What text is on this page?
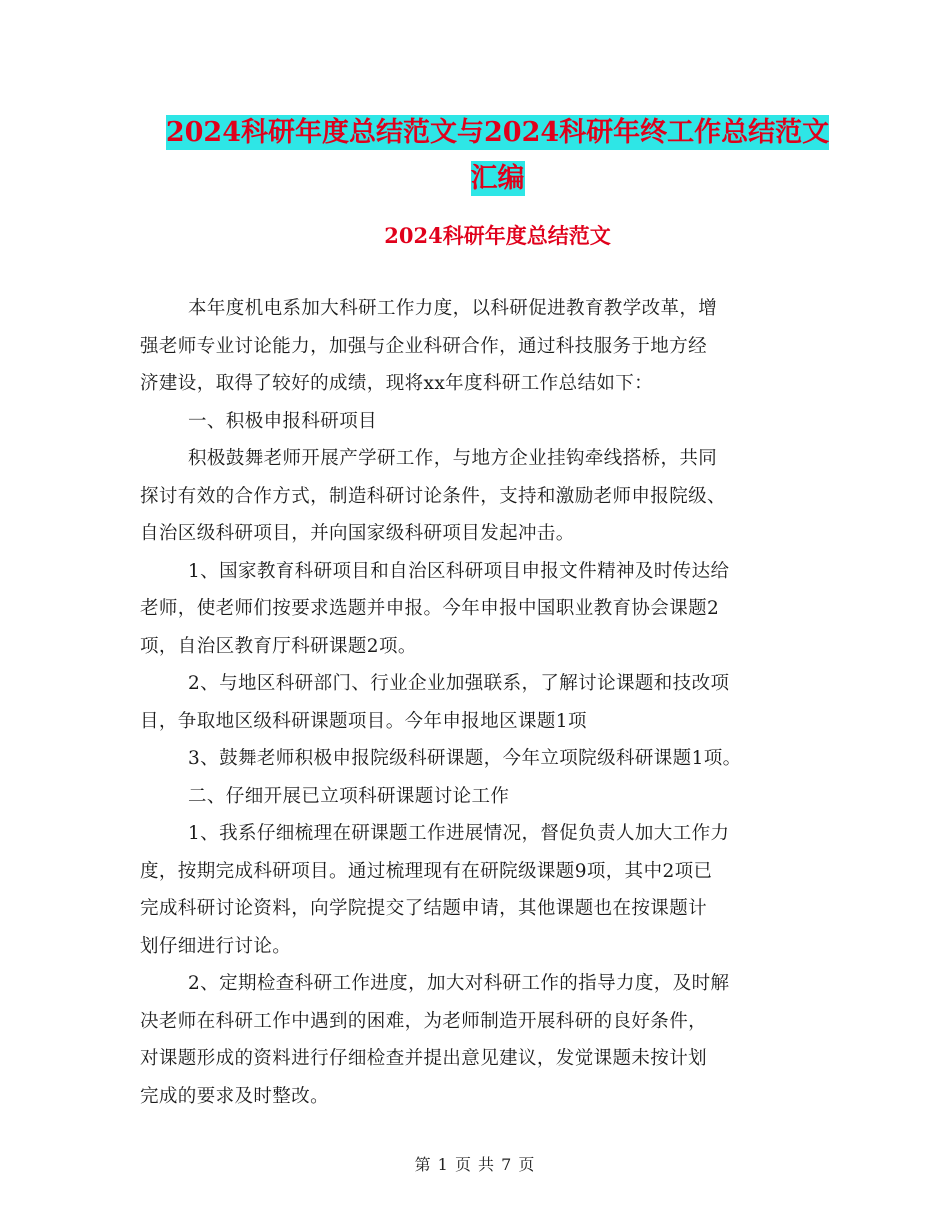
2024科研年度总结范文与2024科研年终工作总结范文
汇编
2024科研年度总结范文
本年度机电系加大科研工作力度，以科研促进教育教学改革，增
强老师专业讨论能力，加强与企业科研合作，通过科技服务于地方经
济建设，取得了较好的成绩，现将xx年度科研工作总结如下：
一、积极申报科研项目
积极鼓舞老师开展产学研工作，与地方企业挂钩牵线搭桥，共同
探讨有效的合作方式，制造科研讨论条件，支持和激励老师申报院级、
自治区级科研项目，并向国家级科研项目发起冲击。
1、国家教育科研项目和自治区科研项目申报文件精神及时传达给
老师，使老师们按要求选题并申报。今年申报中国职业教育协会课题2
项，自治区教育厅科研课题2项。
2、与地区科研部门、行业企业加强联系，了解讨论课题和技改项
目，争取地区级科研课题项目。今年申报地区课题1项
3、鼓舞老师积极申报院级科研课题，今年立项院级科研课题1项。
二、仔细开展已立项科研课题讨论工作
1、我系仔细梳理在研课题工作进展情况，督促负责人加大工作力
度，按期完成科研项目。通过梳理现有在研院级课题9项，其中2项已
完成科研讨论资料，向学院提交了结题申请，其他课题也在按课题计
划仔细进行讨论。
2、定期检查科研工作进度，加大对科研工作的指导力度，及时解
决老师在科研工作中遇到的困难，为老师制造开展科研的良好条件，
对课题形成的资料进行仔细检查并提出意见建议，发觉课题未按计划
完成的要求及时整改。
第 1 页 共 7 页
